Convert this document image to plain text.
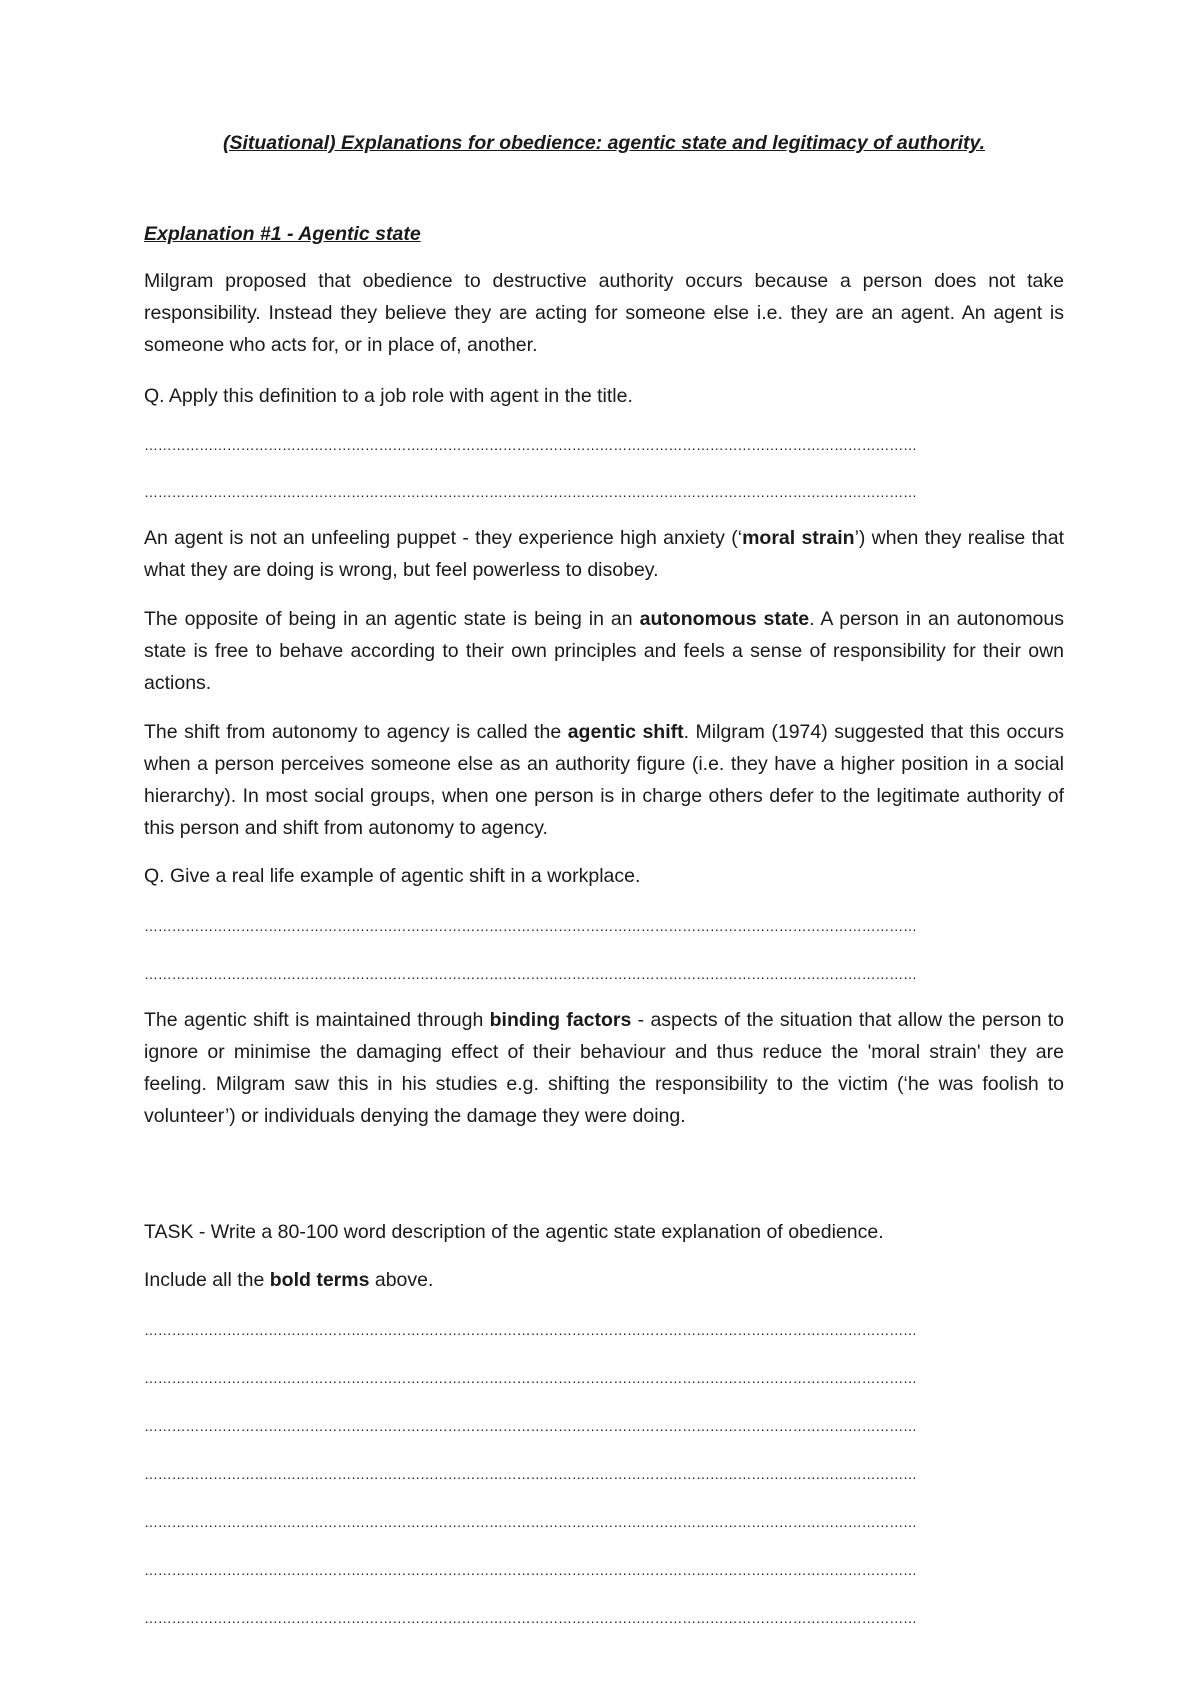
(Situational) Explanations for obedience: agentic state and legitimacy of authority.
Explanation #1 - Agentic state

Milgram proposed that obedience to destructive authority occurs because a person does not take responsibility. Instead they believe they are acting for someone else i.e. they are an agent. An agent is someone who acts for, or in place of, another.

Q. Apply this definition to a job role with agent in the title.
……………………………………………………………………………………………………………………………………………………
……………………………………………………………………………………………………………………………………………………

An agent is not an unfeeling puppet - they experience high anxiety (‘moral strain’) when they realise that what they are doing is wrong, but feel powerless to disobey.

The opposite of being in an agentic state is being in an autonomous state. A person in an autonomous state is free to behave according to their own principles and feels a sense of responsibility for their own actions.

The shift from autonomy to agency is called the agentic shift. Milgram (1974) suggested that this occurs when a person perceives someone else as an authority figure (i.e. they have a higher position in a social hierarchy). In most social groups, when one person is in charge others defer to the legitimate authority of this person and shift from autonomy to agency.

Q. Give a real life example of agentic shift in a workplace.
……………………………………………………………………………………………………………………………………………………
……………………………………………………………………………………………………………………………………………………

The agentic shift is maintained through binding factors - aspects of the situation that allow the person to ignore or minimise the damaging effect of their behaviour and thus reduce the 'moral strain' they are feeling. Milgram saw this in his studies e.g. shifting the responsibility to the victim (‘he was foolish to volunteer’) or individuals denying the damage they were doing.

TASK - Write a 80-100 word description of the agentic state explanation of obedience.
Include all the bold terms above.
……………………………………………………………………………………………………………………………………………………
……………………………………………………………………………………………………………………………………………………
……………………………………………………………………………………………………………………………………………………
……………………………………………………………………………………………………………………………………………………
……………………………………………………………………………………………………………………………………………………
……………………………………………………………………………………………………………………………………………………
……………………………………………………………………………………………………………………………………………………
